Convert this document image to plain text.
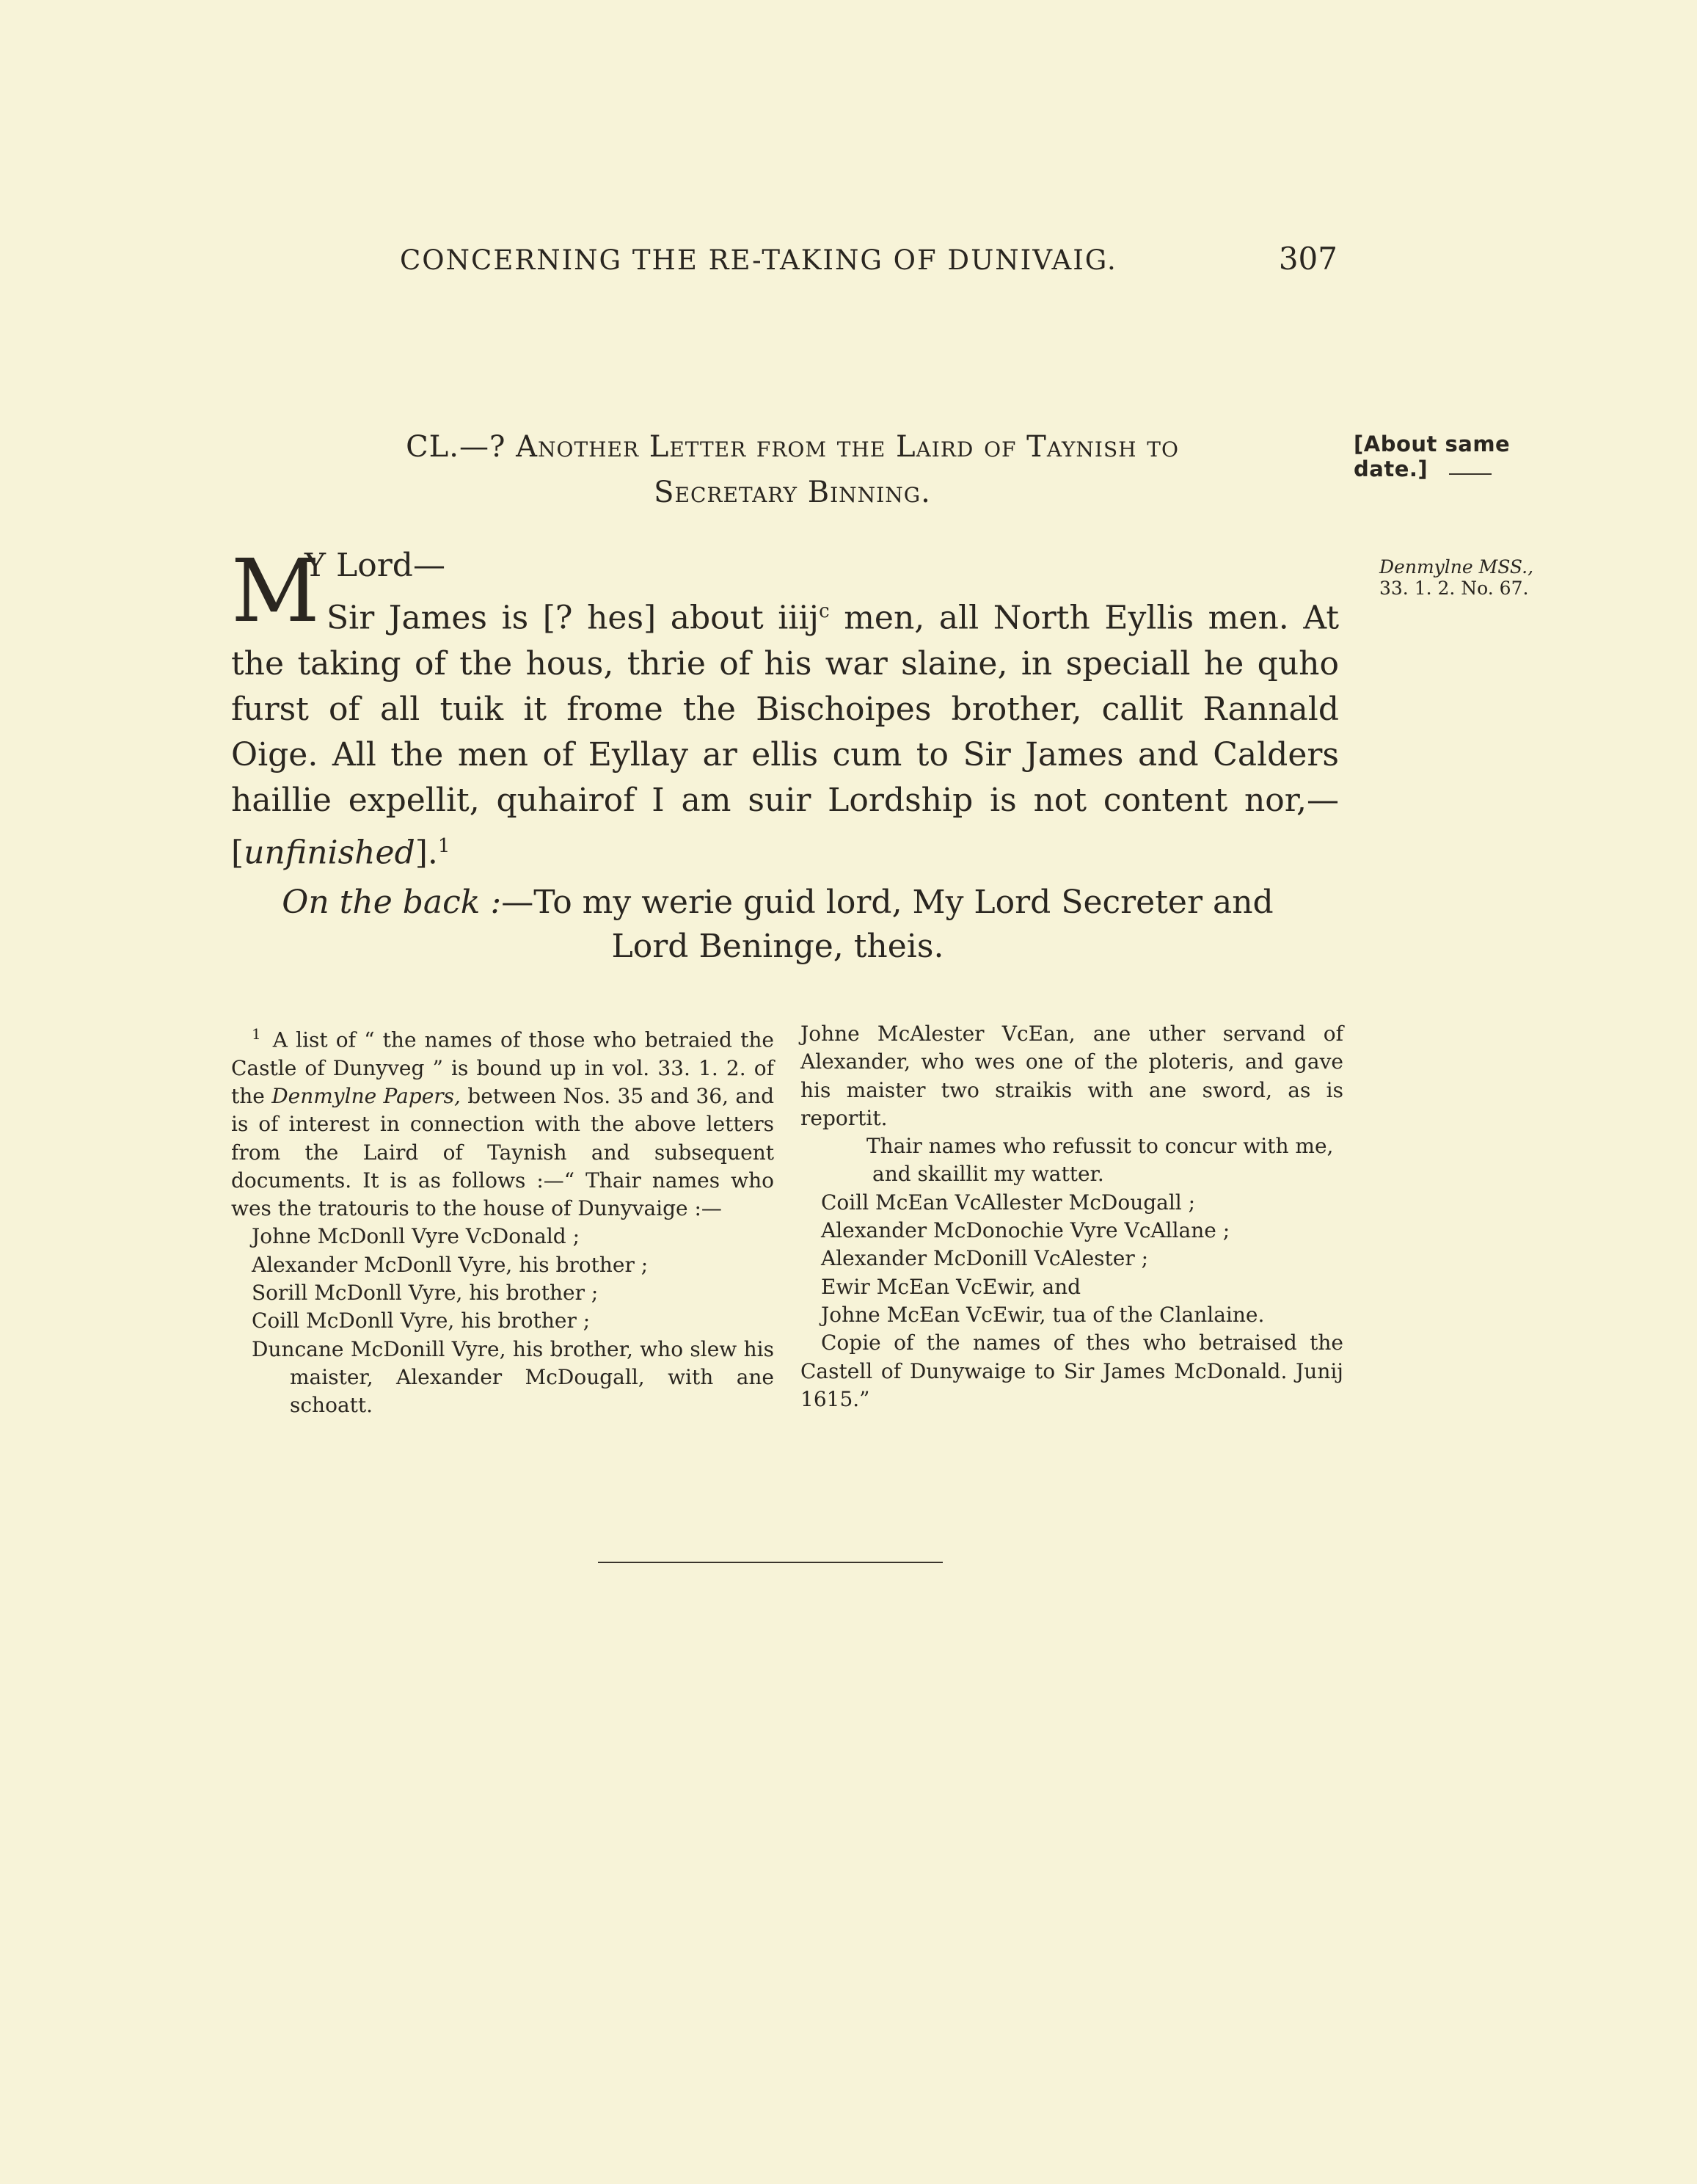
CONCERNING THE RE-TAKING OF DUNIVAIG.	307
CL.—? Another Letter from the Laird of Taynish to
Secretary Binning.
[About same date.]
Denmylne MSS.,
33. 1. 2. No. 67.
M
Y Lord—

Sir James is [? hes] about iiij$^c$ men, all North Eyllis men. At the taking of the hous, thrie of his war slaine, in speciall he quho furst of all tuik it frome the Bischoipes brother, callit Rannald Oige. All the men of Eyllay ar ellis cum to Sir James and Calders haillie expellit, quhairof I am suir Lordship is not content nor,—[unfinished].$^1$

On the back :—To my werie guid lord, My Lord Secreter and
Lord Beninge, theis.

$^1$ A list of “ the names of those who betraied the Castle of Dunyveg ” is bound up in vol. 33. 1. 2. of the Denmylne Papers, between Nos. 35 and 36, and is of interest in connection with the above letters from the Laird of Taynish and subsequent documents. It is as follows :—“ Thair names who wes the tratouris to the house of Dunyvaige :—

Johne McDonll Vyre VcDonald ;

Alexander McDonll Vyre, his brother ;

Sorill McDonll Vyre, his brother ;

Coill McDonll Vyre, his brother ;

Duncane McDonill Vyre, his brother, who slew his maister, Alexander McDougall, with ane schoatt.

Johne McAlester VcEan, ane uther servand of Alexander, who wes one of the ploteris, and gave his maister two straikis with ane sword, as is reportit.

Thair names who refussit to concur with me, and skaillit my watter.

Coill McEan VcAllester McDougall ;

Alexander McDonochie Vyre VcAllane ;

Alexander McDonill VcAlester ;

Ewir McEan VcEwir, and

Johne McEan VcEwir, tua of the Clanlaine.

Copie of the names of thes who betraised the Castell of Dunywaige to Sir James McDonald. Junij 1615.”
